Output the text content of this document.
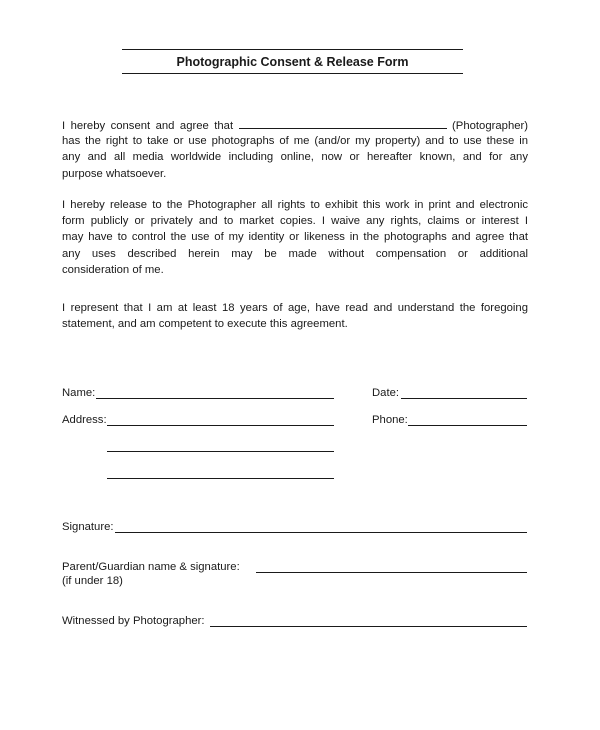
Photographic Consent & Release Form
I hereby consent and agree that	(Photographer)
has the right to take or use photographs of me (and/or my property) and to use these in
any and all media worldwide including online, now or hereafter known, and for any
purpose whatsoever.
I hereby release to the Photographer all rights to exhibit this work in print and electronic
form publicly or privately and to market copies. I waive any rights, claims or interest I
may have to control the use of my identity or likeness in the photographs and agree that
any uses described herein may be made without compensation or additional
consideration of me.
I represent that I am at least 18 years of age, have read and understand the foregoing
statement, and am competent to execute this agreement.
Name:	Date:
Address:	Phone:
Signature:
Parent/Guardian name & signature:
(if under 18)
Witnessed by Photographer:
